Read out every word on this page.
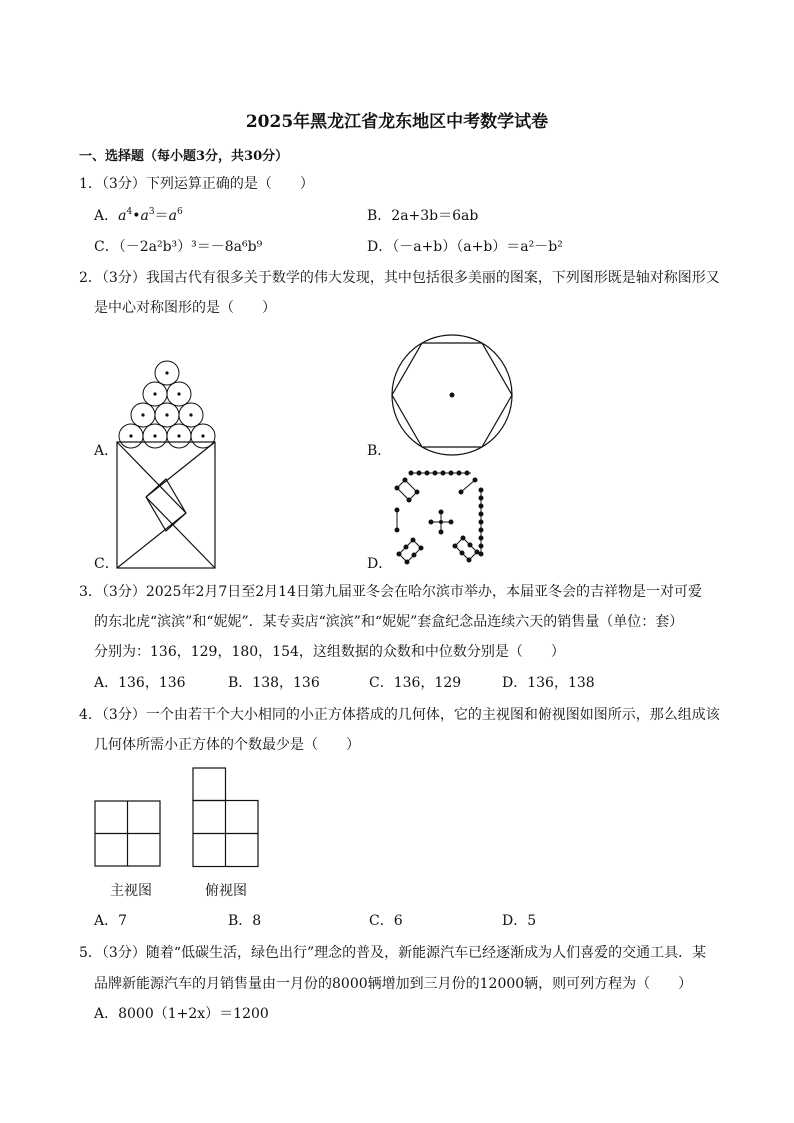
2025年黑龙江省龙东地区中考数学试卷
一、选择题（每小题3分，共30分）
1．（3分）下列运算正确的是（　　）
A．$a^4•a^3=a^6$	B．2a+3b＝6ab
C．（－2a²b³）³＝－8a⁶b⁹	D．（－a+b）（a+b）＝a²－b²
2．（3分）我国古代有很多关于数学的伟大发现，其中包括很多美丽的图案，下列图形既是轴对称图形又
是中心对称图形的是（　　）
A．	B．
C．	D．
3．（3分）2025年2月7日至2月14日第九届亚冬会在哈尔滨市举办，本届亚冬会的吉祥物是一对可爱
的东北虎“滨滨”和“妮妮”．某专卖店“滨滨”和“妮妮”套盒纪念品连续六天的销售量（单位：套）
分别为：136，129，180，154，这组数据的众数和中位数分别是（　　）
A．136，136	B．138，136	C．136，129	D．136，138
4．（3分）一个由若干个大小相同的小正方体搭成的几何体，它的主视图和俯视图如图所示，那么组成该
几何体所需小正方体的个数最少是（　　）
主视图	俯视图
A．7	B．8	C．6	D．5
5．（3分）随着“低碳生活，绿色出行”理念的普及，新能源汽车已经逐渐成为人们喜爱的交通工具．某
品牌新能源汽车的月销售量由一月份的8000辆增加到三月份的12000辆，则可列方程为（　　）
A．8000（1+2x）＝1200
